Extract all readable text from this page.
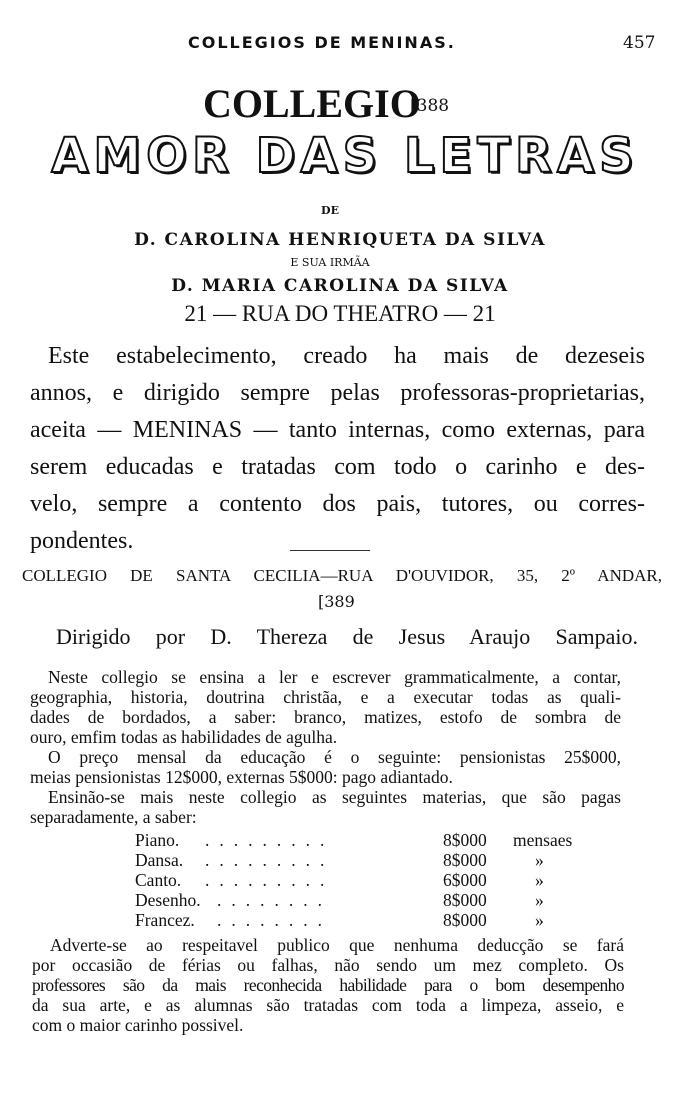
COLLEGIOS DE MENINAS.	457
COLLEGIO
[388
AMOR DAS LETRAS
DE
D. CAROLINA HENRIQUETA DA SILVA
E SUA IRMÃA
D. MARIA CAROLINA DA SILVA
21 — RUA DO THEATRO — 21
Este estabelecimento, creado ha mais de dezeseis
annos, e dirigido sempre pelas professoras-proprietarias,
aceita — MENINAS — tanto internas, como externas, para
serem educadas e tratadas com todo o carinho e des-
velo, sempre a contento dos pais, tutores, ou corres-
pondentes.
COLLEGIO DE SANTA CECILIA—RUA D'OUVIDOR, 35, 2º ANDAR,
[389
Dirigido por D. Thereza de Jesus Araujo Sampaio.
Neste collegio se ensina a ler e escrever grammaticalmente, a contar,
geographia, historia, doutrina christãa, e a executar todas as quali-
dades de bordados, a saber: branco, matizes, estofo de sombra de
ouro, emfim todas as habilidades de agulha.
O preço mensal da educação é o seguinte: pensionistas 25$000,
meias pensionistas 12$000, externas 5$000: pago adiantado.
Ensinão-se mais neste collegio as seguintes materias, que são pagas
separadamente, a saber:
Piano. .........	8$000 mensaes
Dansa. .........	8$000	»
Canto. .........	6$000	»
Desenho. ........	8$000	»
Francez. ........	8$000	»
Adverte-se ao respeitavel publico que nenhuma deducção se fará
por occasião de férias ou falhas, não sendo um mez completo. Os
professores são da mais reconhecida habilidade para o bom desempenho
da sua arte, e as alumnas são tratadas com toda a limpeza, asseio, e
com o maior carinho possivel.
